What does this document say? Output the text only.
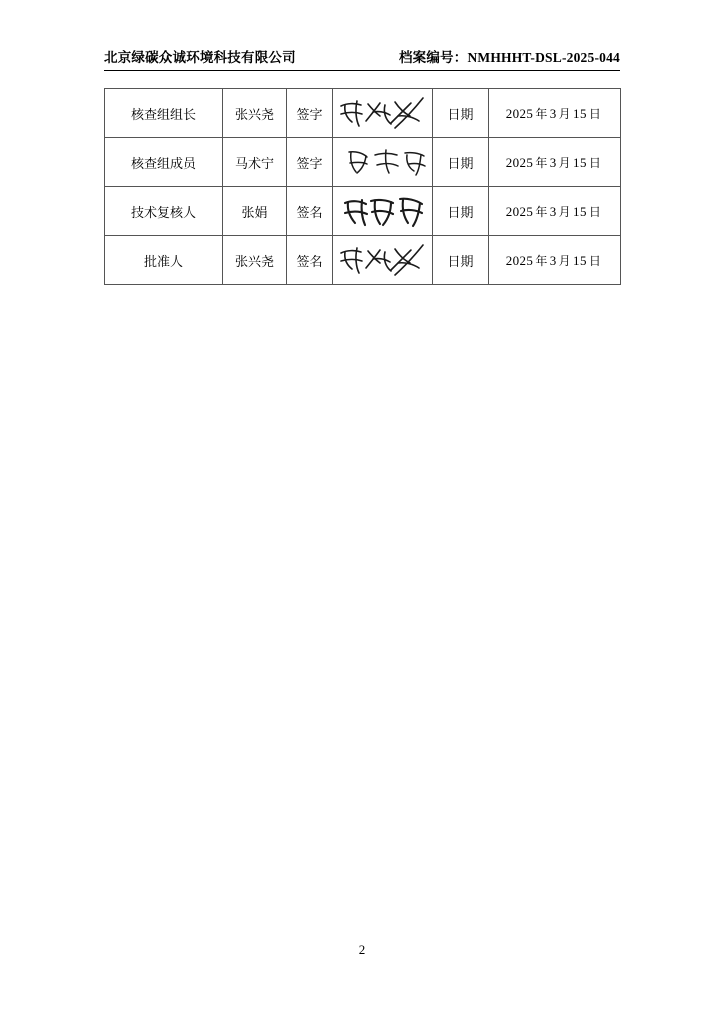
北京绿碳众诚环境科技有限公司	档案编号：NMHHHT-DSL-2025-044
核查组组长	张兴尧	签字		日期	2025 年 3 月 15 日
核查组成员	马术宁	签字		日期	2025 年 3 月 15 日
技术复核人	张娟	签名		日期	2025 年 3 月 15 日
批准人	张兴尧	签名		日期	2025 年 3 月 15 日
2
